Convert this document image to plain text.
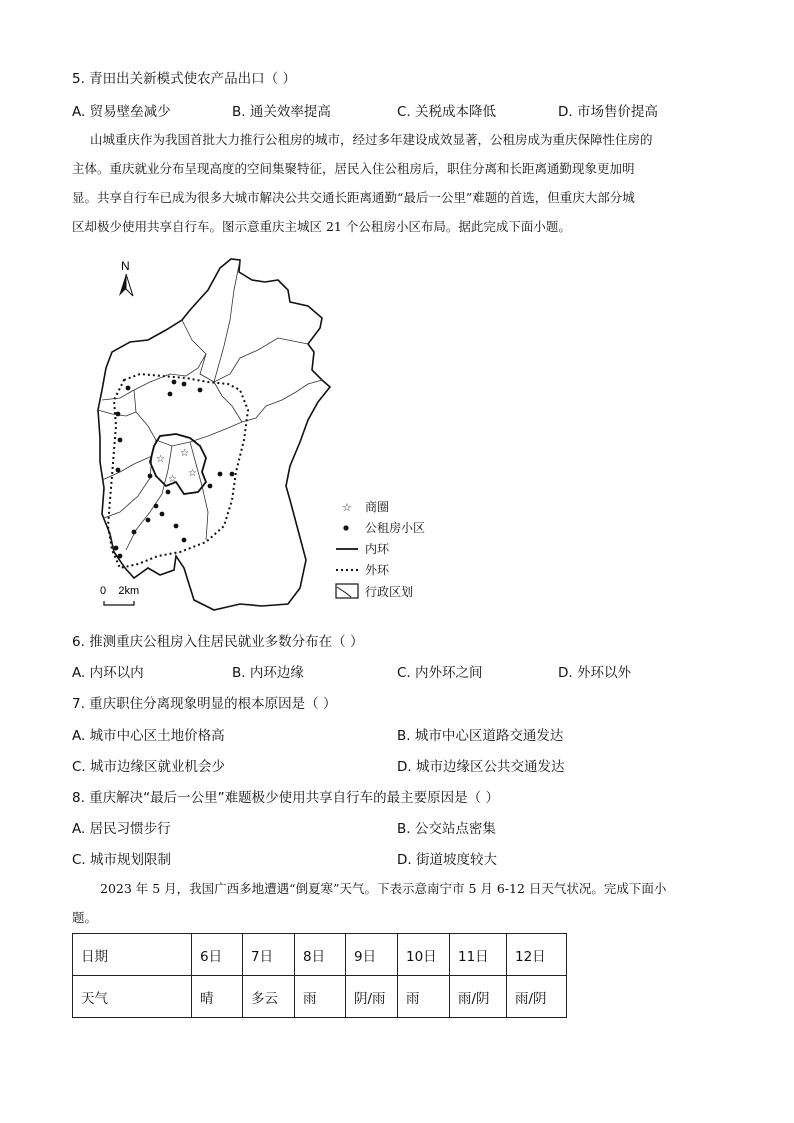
5. 青田出关新模式使农产品出口（ ）
A. 贸易壁垒减少	B. 通关效率提高	C. 关税成本降低	D. 市场售价提高
山城重庆作为我国首批大力推行公租房的城市，经过多年建设成效显著，公租房成为重庆保障性住房的
主体。重庆就业分布呈现高度的空间集聚特征，居民入住公租房后，职住分离和长距离通勤现象更加明
显。共享自行车已成为很多大城市解决公共交通长距离通勤“最后一公里”难题的首选，但重庆大部分城
区却极少使用共享自行车。图示意重庆主城区 21 个公租房小区布局。据此完成下面小题。
N
☆
☆
☆
☆
0    2km
☆ 商圈
公租房小区
内环
外环
行政区划
6. 推测重庆公租房入住居民就业多数分布在（ ）
A. 内环以内	B. 内环边缘	C. 内外环之间	D. 外环以外
7. 重庆职住分离现象明显的根本原因是（ ）
A. 城市中心区土地价格高	B. 城市中心区道路交通发达
C. 城市边缘区就业机会少	D. 城市边缘区公共交通发达
8. 重庆解决“最后一公里”难题极少使用共享自行车的最主要原因是（ ）
A. 居民习惯步行	B. 公交站点密集
C. 城市规划限制	D. 街道坡度较大
2023 年 5 月，我国广西多地遭遇“倒夏寒”天气。下表示意南宁市 5 月 6-12 日天气状况。完成下面小
题。
日期	6日	7日	8日	9日	10日	11日	12日
天气	晴	多云	雨	阴/雨	雨	雨/阴	雨/阴
